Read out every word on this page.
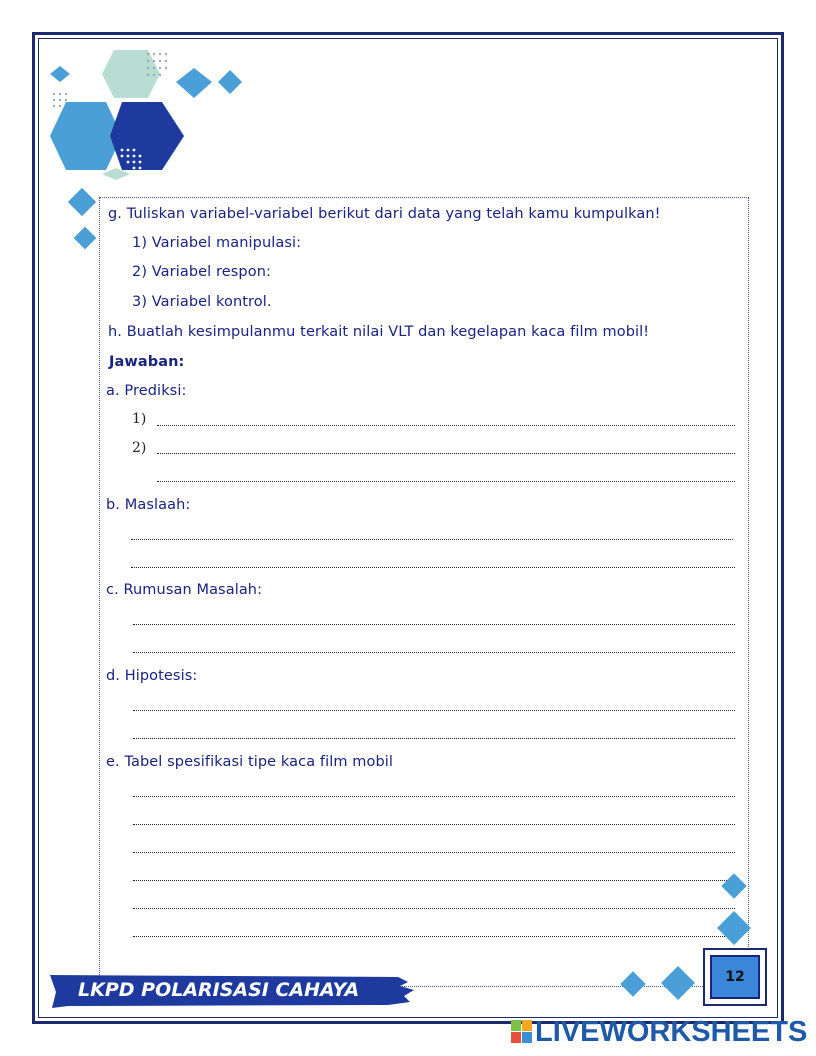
g. Tuliskan variabel-variabel berikut dari data yang telah kamu kumpulkan!
1) Variabel manipulasi:
2) Variabel respon:
3) Variabel kontrol.
h. Buatlah kesimpulanmu terkait nilai VLT dan kegelapan kaca film mobil!
Jawaban:
a. Prediksi:
1)
2)
b. Maslaah:
c. Rumusan Masalah:
d. Hipotesis:
e. Tabel spesifikasi tipe kaca film mobil
LKPD POLARISASI CAHAYA
12
LIVEWORKSHEETS
